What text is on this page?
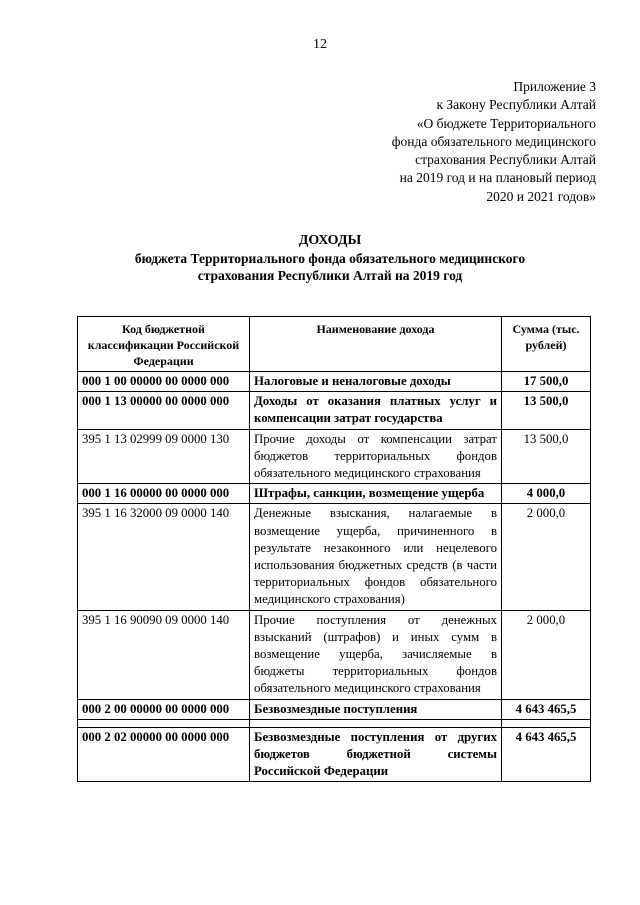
12
Приложение 3
к Закону Республики Алтай
«О бюджете Территориального
фонда обязательного медицинского
страхования Республики Алтай
на 2019 год и на плановый период
2020 и 2021 годов»
ДОХОДЫ
бюджета Территориального фонда обязательного медицинского
страхования Республики Алтай на 2019 год
Код бюджетной классификации Российской Федерации	Наименование дохода	Сумма (тыс. рублей)
000 1 00 00000 00 0000 000	Налоговые и неналоговые доходы	17 500,0
000 1 13 00000 00 0000 000	Доходы от оказания платных услуг и компенсации затрат государства	13 500,0
395 1 13 02999 09 0000 130	Прочие доходы от компенсации затрат бюджетов территориальных фондов обязательного медицинского страхования	13 500,0
000 1 16 00000 00 0000 000	Штрафы, санкции, возмещение ущерба	4 000,0
395 1 16 32000 09 0000 140	Денежные взыскания, налагаемые в возмещение ущерба, причиненного в результате незаконного или нецелевого использования бюджетных средств (в части территориальных фондов обязательного медицинского страхования)	2 000,0
395 1 16 90090 09 0000 140	Прочие поступления от денежных взысканий (штрафов) и иных сумм в возмещение ущерба, зачисляемые в бюджеты территориальных фондов обязательного медицинского страхования	2 000,0
000 2 00 00000 00 0000 000	Безвозмездные поступления	4 643 465,5

000 2 02 00000 00 0000 000	Безвозмездные поступления от других бюджетов бюджетной системы Российской Федерации	4 643 465,5
